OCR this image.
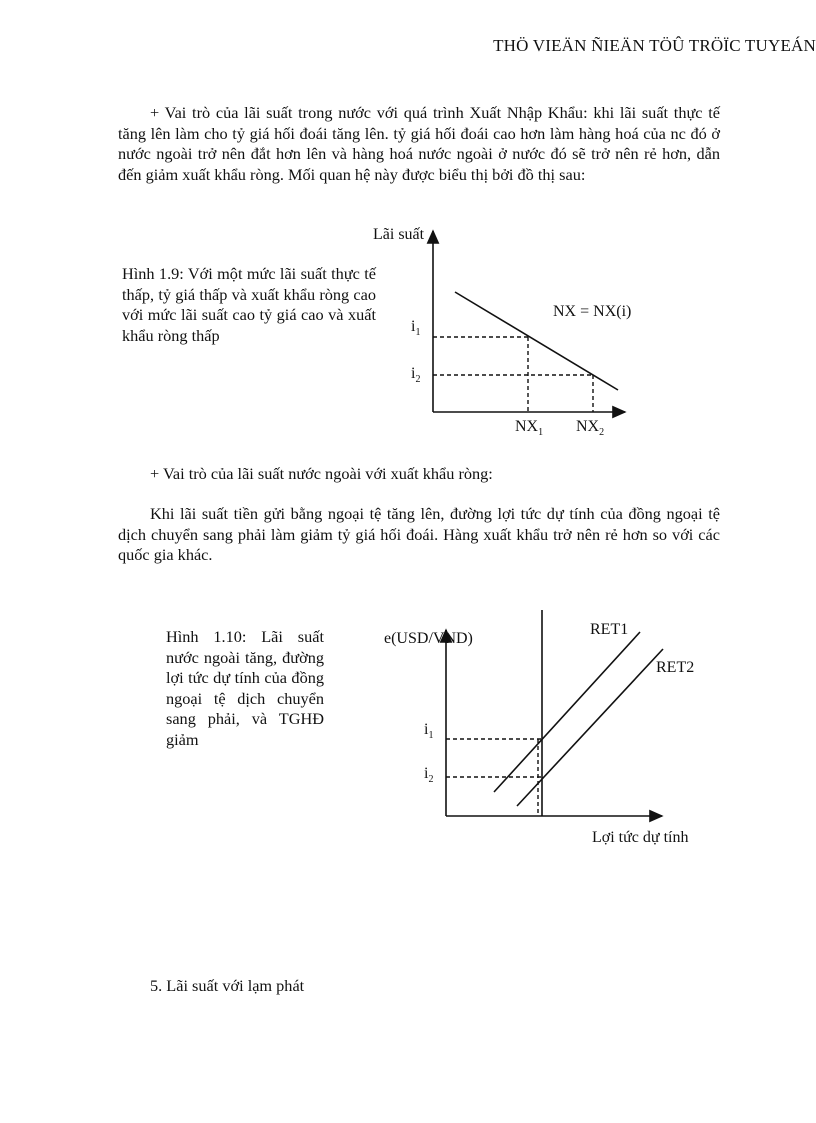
THÖ VIEÄN ÑIEÄN TÖÛ TRÖÏC TUYEÁN

+ Vai trò của lãi suất trong nước với quá trình Xuất Nhập Khẩu: khi lãi suất thực tế tăng lên làm cho tỷ giá hối đoái tăng lên. tỷ giá hối đoái cao hơn làm hàng hoá của nc đó ở nước ngoài trở nên đắt hơn lên và hàng hoá nước ngoài ở nước đó sẽ trở nên rẻ hơn, dẫn đến giảm xuất khẩu ròng. Mối quan hệ này được biểu thị bởi đồ thị sau:

Hình 1.9: Với một mức lãi suất thực tế thấp, tỷ giá thấp và xuất khẩu ròng cao với mức lãi suất cao tỷ giá cao và xuất khẩu ròng thấp

Lãi suất
NX = NX(i)
$i_1$
$i_2$
$NX_1$ $NX_2$

+ Vai trò của lãi suất nước ngoài với xuất khẩu ròng:

Khi lãi suất tiền gửi bằng ngoại tệ tăng lên, đường lợi tức dự tính của đồng ngoại tệ dịch chuyển sang phải làm giảm tỷ giá hối đoái. Hàng xuất khẩu trở nên rẻ hơn so với các quốc gia khác.

Hình 1.10: Lãi suất nước ngoài tăng, đường lợi tức dự tính của đồng ngoại tệ dịch chuyển sang phải, và TGHĐ giảm

e(USD/VND)
RET1
RET2
$i_1$
$i_2$
Lợi tức dự tính
5. Lãi suất với lạm phát
